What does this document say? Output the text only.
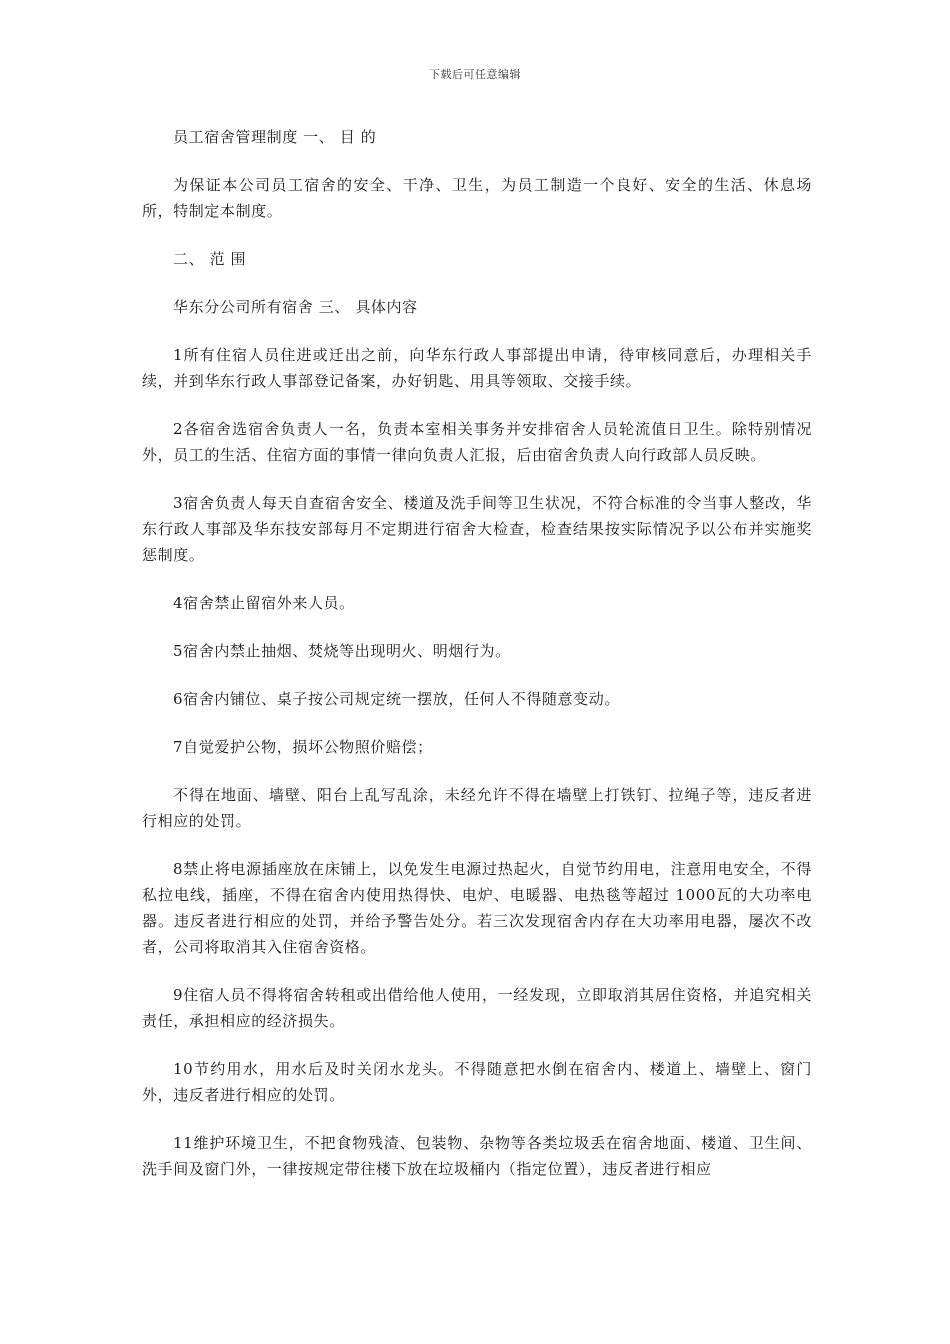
下载后可任意编辑

员工宿舍管理制度 一、 目 的

为保证本公司员工宿舍的安全、干净、卫生，为员工制造一个良好、安全的生活、休息场所，特制定本制度。

二、 范 围

华东分公司所有宿舍 三、 具体内容

1所有住宿人员住进或迁出之前，向华东行政人事部提出申请，待审核同意后，办理相关手续，并到华东行政人事部登记备案，办好钥匙、用具等领取、交接手续。

2各宿舍选宿舍负责人一名，负责本室相关事务并安排宿舍人员轮流值日卫生。除特别情况外，员工的生活、住宿方面的事情一律向负责人汇报，后由宿舍负责人向行政部人员反映。

3宿舍负责人每天自查宿舍安全、楼道及洗手间等卫生状况，不符合标准的令当事人整改，华东行政人事部及华东技安部每月不定期进行宿舍大检查，检查结果按实际情况予以公布并实施奖惩制度。

4宿舍禁止留宿外来人员。

5宿舍内禁止抽烟、焚烧等出现明火、明烟行为。

6宿舍内铺位、桌子按公司规定统一摆放，任何人不得随意变动。

7自觉爱护公物，损坏公物照价赔偿；

不得在地面、墙壁、阳台上乱写乱涂，未经允许不得在墙壁上打铁钉、拉绳子等，违反者进行相应的处罚。

8禁止将电源插座放在床铺上，以免发生电源过热起火，自觉节约用电，注意用电安全，不得私拉电线，插座，不得在宿舍内使用热得快、电炉、电暖器、电热毯等超过 1000瓦的大功率电器。违反者进行相应的处罚，并给予警告处分。若三次发现宿舍内存在大功率用电器，屡次不改者，公司将取消其入住宿舍资格。

9住宿人员不得将宿舍转租或出借给他人使用，一经发现，立即取消其居住资格，并追究相关责任，承担相应的经济损失。

10节约用水，用水后及时关闭水龙头。不得随意把水倒在宿舍内、楼道上、墙壁上、窗门外，违反者进行相应的处罚。

11维护环境卫生，不把食物残渣、包装物、杂物等各类垃圾丢在宿舍地面、楼道、卫生间、洗手间及窗门外，一律按规定带往楼下放在垃圾桶内（指定位置），违反者进行相应
